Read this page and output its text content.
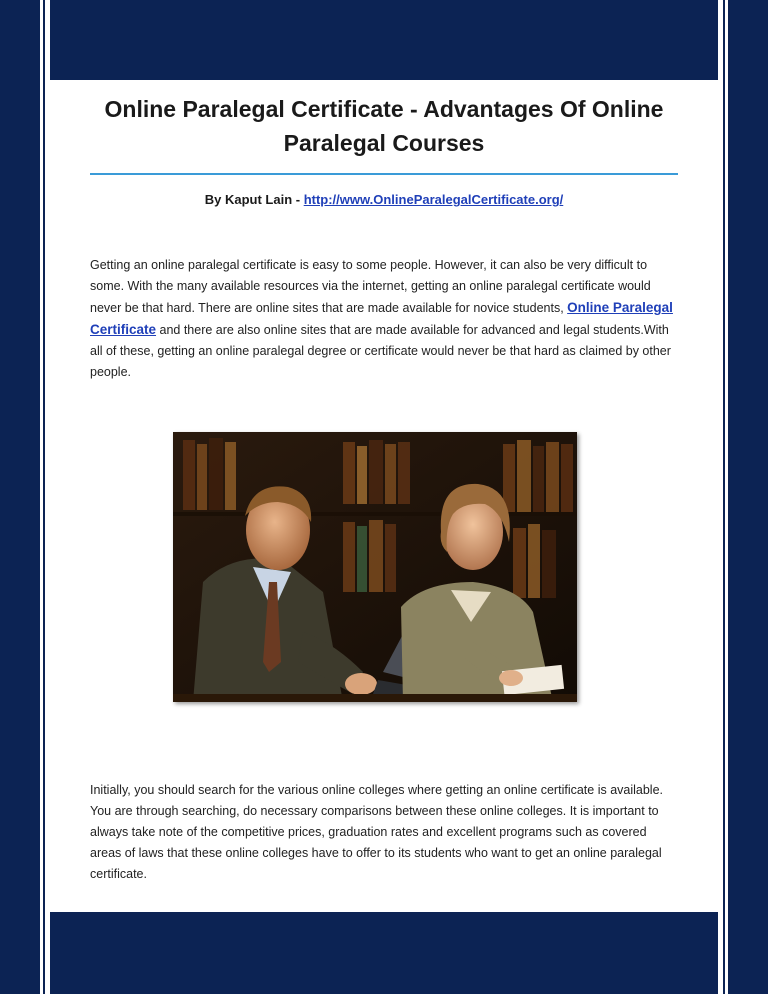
Online Paralegal Certificate - Advantages Of Online Paralegal Courses
By Kaput Lain - http://www.OnlineParalegalCertificate.org/
Getting an online paralegal certificate is easy to some people. However, it can also be very difficult to some. With the many available resources via the internet, getting an online paralegal certificate would never be that hard. There are online sites that are made available for novice students, Online Paralegal Certificate and there are also online sites that are made available for advanced and legal students.With all of these, getting an online paralegal degree or certificate would never be that hard as claimed by other people.
Initially, you should search for the various online colleges where getting an online certificate is available. You are through searching, do necessary comparisons between these online colleges. It is important to always take note of the competitive prices, graduation rates and excellent programs such as covered areas of laws that these online colleges have to offer to its students who want to get an online paralegal certificate.
